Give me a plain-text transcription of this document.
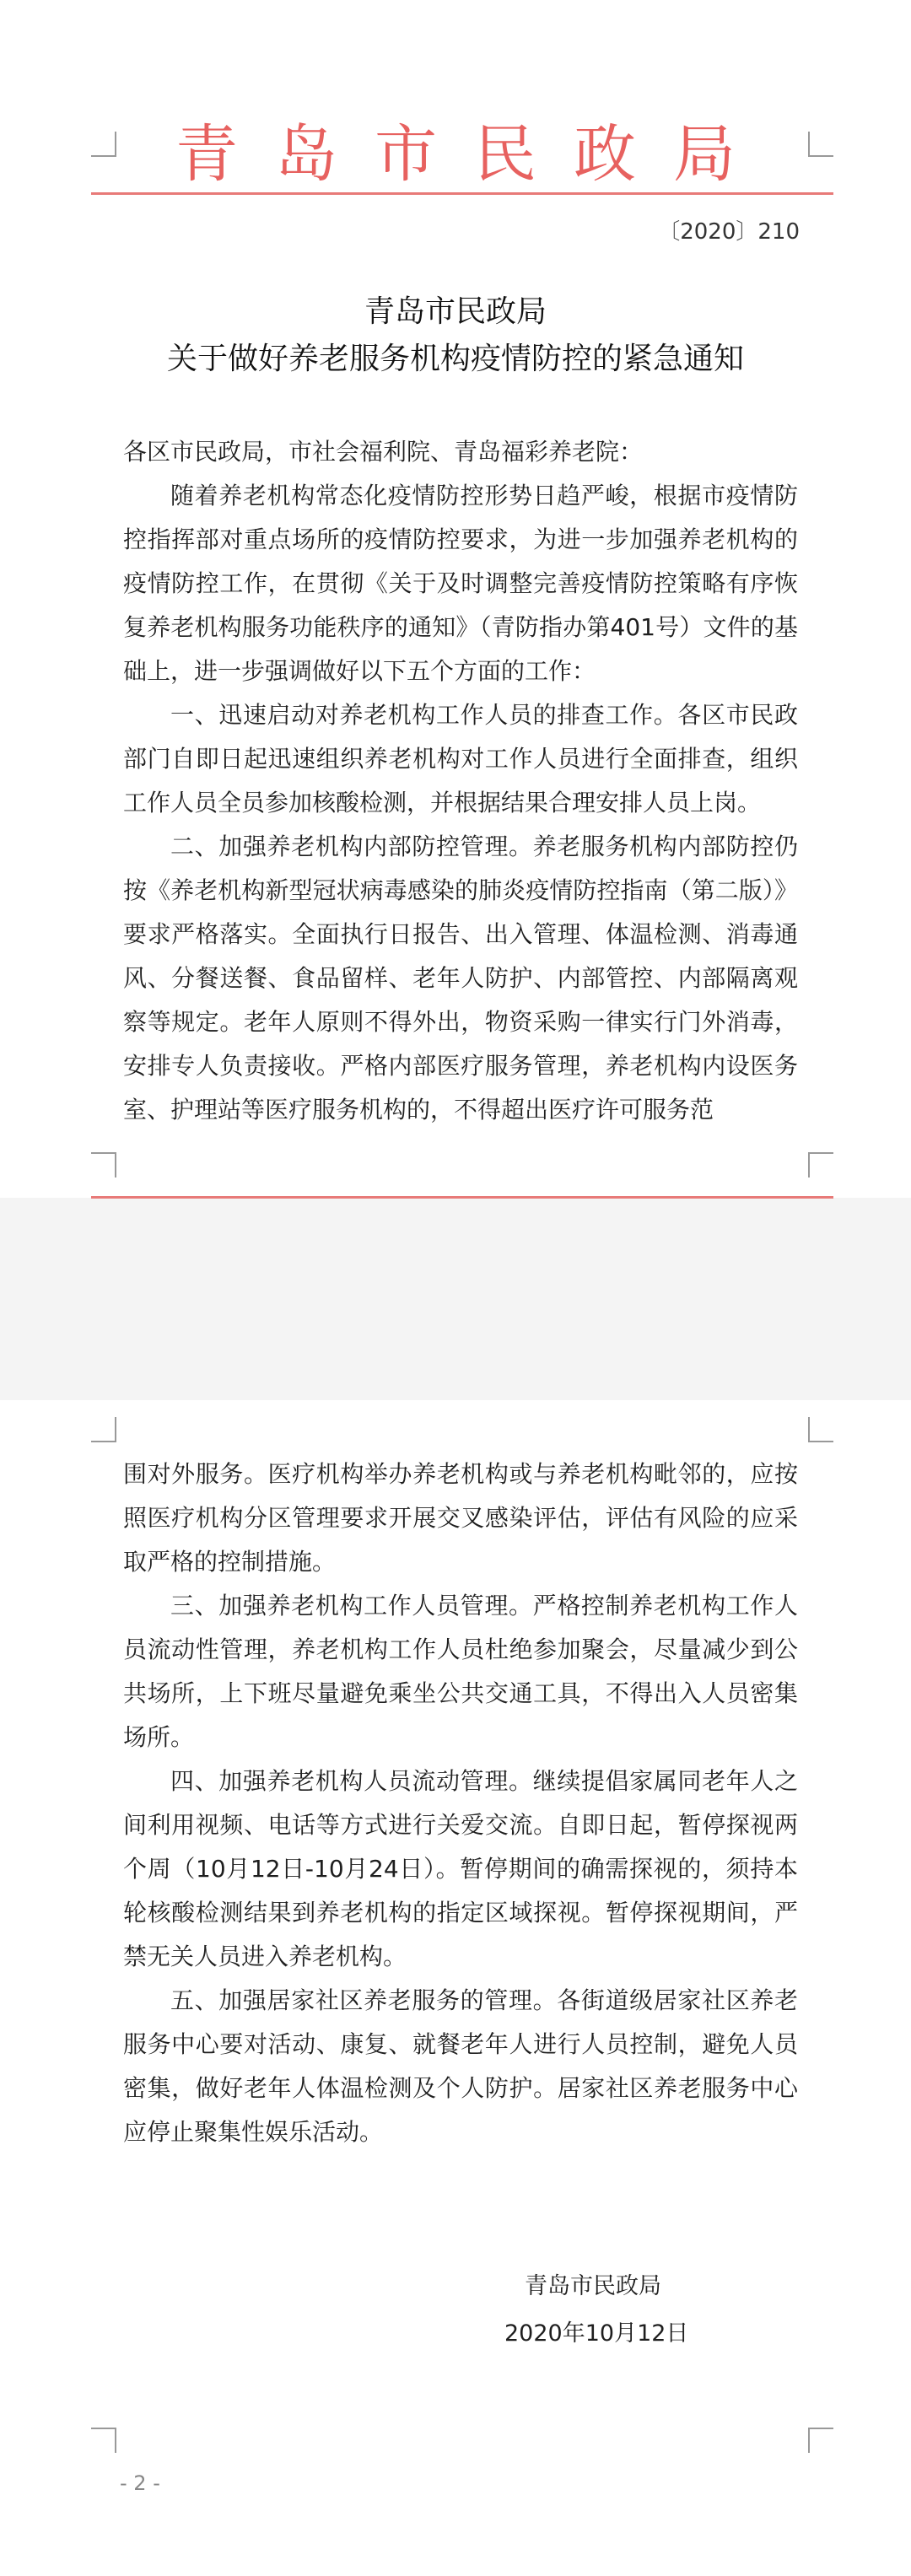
青岛市民政局
〔2020〕210
青岛市民政局
关于做好养老服务机构疫情防控的紧急通知

各区市民政局，市社会福利院、青岛福彩养老院：

随着养老机构常态化疫情防控形势日趋严峻，根据市疫情防控指挥部对重点场所的疫情防控要求，为进一步加强养老机构的疫情防控工作，在贯彻《关于及时调整完善疫情防控策略有序恢复养老机构服务功能秩序的通知》（青防指办第401号）文件的基础上，进一步强调做好以下五个方面的工作：

一、迅速启动对养老机构工作人员的排查工作。各区市民政部门自即日起迅速组织养老机构对工作人员进行全面排查，组织工作人员全员参加核酸检测，并根据结果合理安排人员上岗。

二、加强养老机构内部防控管理。养老服务机构内部防控仍按《养老机构新型冠状病毒感染的肺炎疫情防控指南（第二版）》要求严格落实。全面执行日报告、出入管理、体温检测、消毒通风、分餐送餐、食品留样、老年人防护、内部管控、内部隔离观察等规定。老年人原则不得外出，物资采购一律实行门外消毒，安排专人负责接收。严格内部医疗服务管理，养老机构内设医务室、护理站等医疗服务机构的，不得超出医疗许可服务范

围对外服务。医疗机构举办养老机构或与养老机构毗邻的，应按照医疗机构分区管理要求开展交叉感染评估，评估有风险的应采取严格的控制措施。

三、加强养老机构工作人员管理。严格控制养老机构工作人员流动性管理，养老机构工作人员杜绝参加聚会，尽量减少到公共场所，上下班尽量避免乘坐公共交通工具，不得出入人员密集场所。

四、加强养老机构人员流动管理。继续提倡家属同老年人之间利用视频、电话等方式进行关爱交流。自即日起，暂停探视两个周（10月12日-10月24日）。暂停期间的确需探视的，须持本轮核酸检测结果到养老机构的指定区域探视。暂停探视期间，严禁无关人员进入养老机构。

五、加强居家社区养老服务的管理。各街道级居家社区养老服务中心要对活动、康复、就餐老年人进行人员控制，避免人员密集，做好老年人体温检测及个人防护。居家社区养老服务中心应停止聚集性娱乐活动。

青岛市民政局
2020年10月12日
- 2 -
